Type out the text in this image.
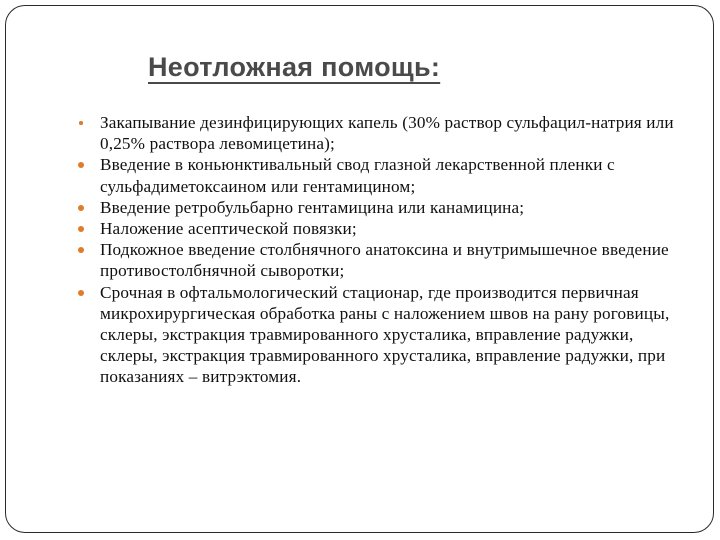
Неотложная помощь:
Закапывание дезинфицирующих капель (30% раствор сульфацил-натрия или 0,25% раствора левомицетина);
Введение в коньюнктивальный свод глазной лекарственной пленки с сульфадиметоксаином или гентамицином;
Введение ретробульбарно гентамицина или канамицина;
Наложение асептической повязки;
Подкожное введение столбнячного анатоксина и внутримышечное введение противостолбнячной сыворотки;
Срочная в офтальмологический стационар, где производится первичная микрохирургическая обработка раны с наложением швов на рану роговицы, склеры, экстракция травмированного хрусталика, вправление радужки, склеры, экстракция травмированного хрусталика, вправление радужки, при показаниях – витрэктомия.
